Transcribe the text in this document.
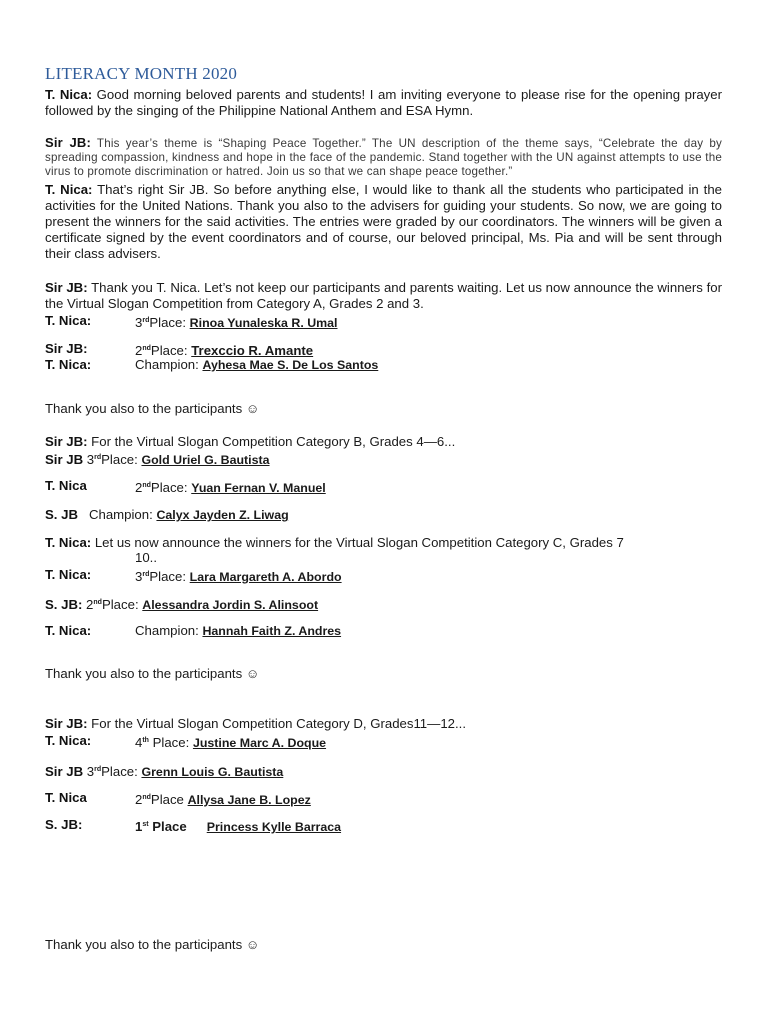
LITERACY MONTH 2020
T. Nica: Good morning beloved parents and students! I am inviting everyone to please rise for the opening prayer followed by the singing of the Philippine National Anthem and ESA Hymn.
Sir JB: This year’s theme is “Shaping Peace Together.” The UN description of the theme says, “Celebrate the day by spreading compassion, kindness and hope in the face of the pandemic. Stand together with the UN against attempts to use the virus to promote discrimination or hatred. Join us so that we can shape peace together.”
T. Nica: That’s right Sir JB. So before anything else, I would like to thank all the students who participated in the activities for the United Nations. Thank you also to the advisers for guiding your students. So now, we are going to present the winners for the said activities. The entries were graded by our coordinators. The winners will be given a certificate signed by the event coordinators and of course, our beloved principal, Ms. Pia and will be sent through their class advisers.
Sir JB: Thank you T. Nica. Let’s not keep our participants and parents waiting. Let us now announce the winners for the Virtual Slogan Competition from Category A, Grades 2 and 3.
T. Nica:	3rdPlace: Rinoa Yunaleska R. Umal
Sir JB:	2ndPlace: Trexccio R. Amante
T. Nica:	Champion: Ayhesa Mae S. De Los Santos
Thank you also to the participants ☺
Sir JB: For the Virtual Slogan Competition Category B, Grades 4—6...
Sir JB 3rdPlace: Gold Uriel G. Bautista
T. Nica	2ndPlace: Yuan Fernan V. Manuel
S. JB Champion: Calyx Jayden Z. Liwag
T. Nica: Let us now announce the winners for the Virtual Slogan Competition Category C, Grades 7
10..
T. Nica:	3rdPlace: Lara Margareth A. Abordo
S. JB: 2ndPlace: Alessandra Jordin S. Alinsoot
T. Nica:	Champion: Hannah Faith Z. Andres
Thank you also to the participants ☺
Sir JB: For the Virtual Slogan Competition Category D, Grades11—12...
T. Nica:	4th Place: Justine Marc A. Doque
Sir JB 3rdPlace: Grenn Louis G. Bautista
T. Nica	2ndPlace Allysa Jane B. Lopez
S. JB:	1st Place Princess Kylle Barraca
Thank you also to the participants ☺
